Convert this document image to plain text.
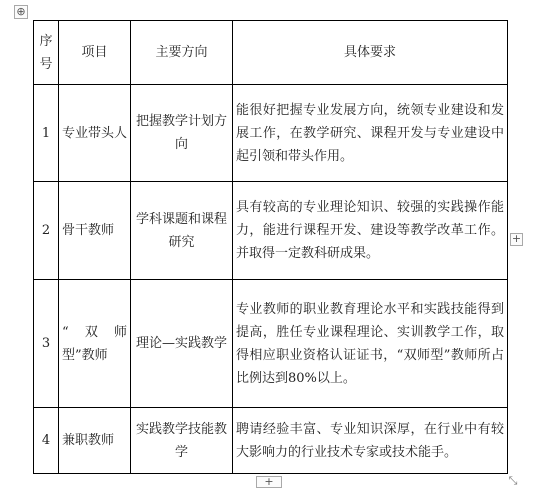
⊕
序号	项目	主要方向	具体要求
1	专业带头人	把握教学计划方向	能很好把握专业发展方向，统领专业建设和发展工作，在教学研究、课程开发与专业建设中起引领和带头作用。
2	骨干教师	学科课题和课程研究	具有较高的专业理论知识、较强的实践操作能力，能进行课程开发、建设等教学改革工作。并取得一定教科研成果。
3	“双师型”教师	理论—实践教学	专业教师的职业教育理论水平和实践技能得到提高，胜任专业课程理论、实训教学工作，取得相应职业资格认证证书，“双师型”教师所占比例达到80%以上。
4	兼职教师	实践教学技能教学	聘请经验丰富、专业知识深厚，在行业中有较大影响力的行业技术专家或技术能手。
+
+	⤡
